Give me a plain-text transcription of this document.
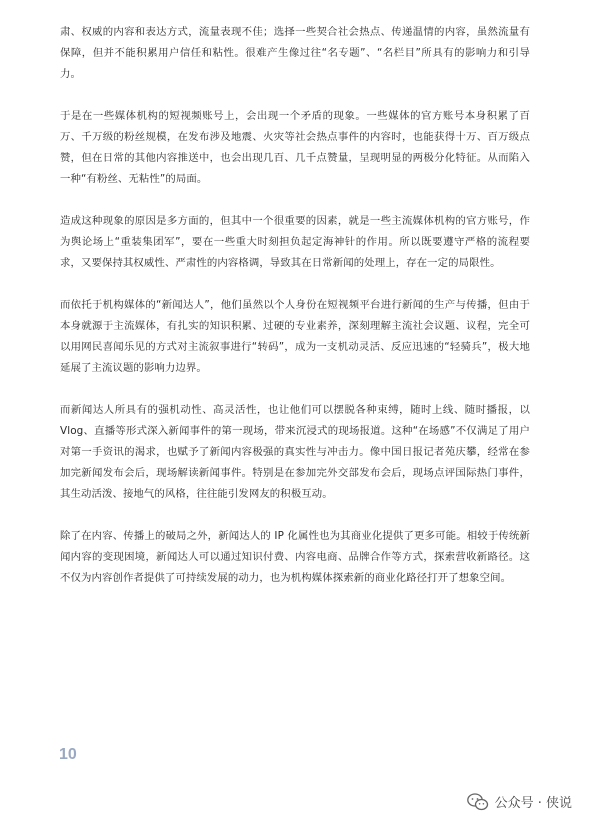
肃、权威的内容和表达方式，流量表现不佳；选择一些契合社会热点、传递温情的内容，虽然流量有保障，但并不能积累用户信任和粘性。很难产生像过往“名专题”、“名栏目”所具有的影响力和引导力。

于是在一些媒体机构的短视频账号上，会出现一个矛盾的现象。一些媒体的官方账号本身积累了百万、千万级的粉丝规模，在发布涉及地震、火灾等社会热点事件的内容时，也能获得十万、百万级点赞，但在日常的其他内容推送中，也会出现几百、几千点赞量，呈现明显的两极分化特征。从而陷入一种“有粉丝、无粘性”的局面。

造成这种现象的原因是多方面的，但其中一个很重要的因素，就是一些主流媒体机构的官方账号，作为舆论场上“重装集团军”，要在一些重大时刻担负起定海神针的作用。所以既要遵守严格的流程要求，又要保持其权威性、严肃性的内容格调，导致其在日常新闻的处理上，存在一定的局限性。

而依托于机构媒体的“新闻达人”，他们虽然以个人身份在短视频平台进行新闻的生产与传播，但由于本身就源于主流媒体，有扎实的知识积累、过硬的专业素养，深刻理解主流社会议题、议程，完全可以用网民喜闻乐见的方式对主流叙事进行“转码”，成为一支机动灵活、反应迅速的“轻骑兵”，极大地延展了主流议题的影响力边界。

而新闻达人所具有的强机动性、高灵活性，也让他们可以摆脱各种束缚，随时上线、随时播报，以 Vlog、直播等形式深入新闻事件的第一现场，带来沉浸式的现场报道。这种“在场感”不仅满足了用户对第一手资讯的渴求，也赋予了新闻内容极强的真实性与冲击力。像中国日报记者苑庆攀，经常在参加完新闻发布会后，现场解读新闻事件。特别是在参加完外交部发布会后，现场点评国际热门事件，其生动活泼、接地气的风格，往往能引发网友的积极互动。

除了在内容、传播上的破局之外，新闻达人的 IP 化属性也为其商业化提供了更多可能。相较于传统新闻内容的变现困境，新闻达人可以通过知识付费、内容电商、品牌合作等方式，探索营收新路径。这不仅为内容创作者提供了可持续发展的动力，也为机构媒体探索新的商业化路径打开了想象空间。

10
公众号 · 侠说
